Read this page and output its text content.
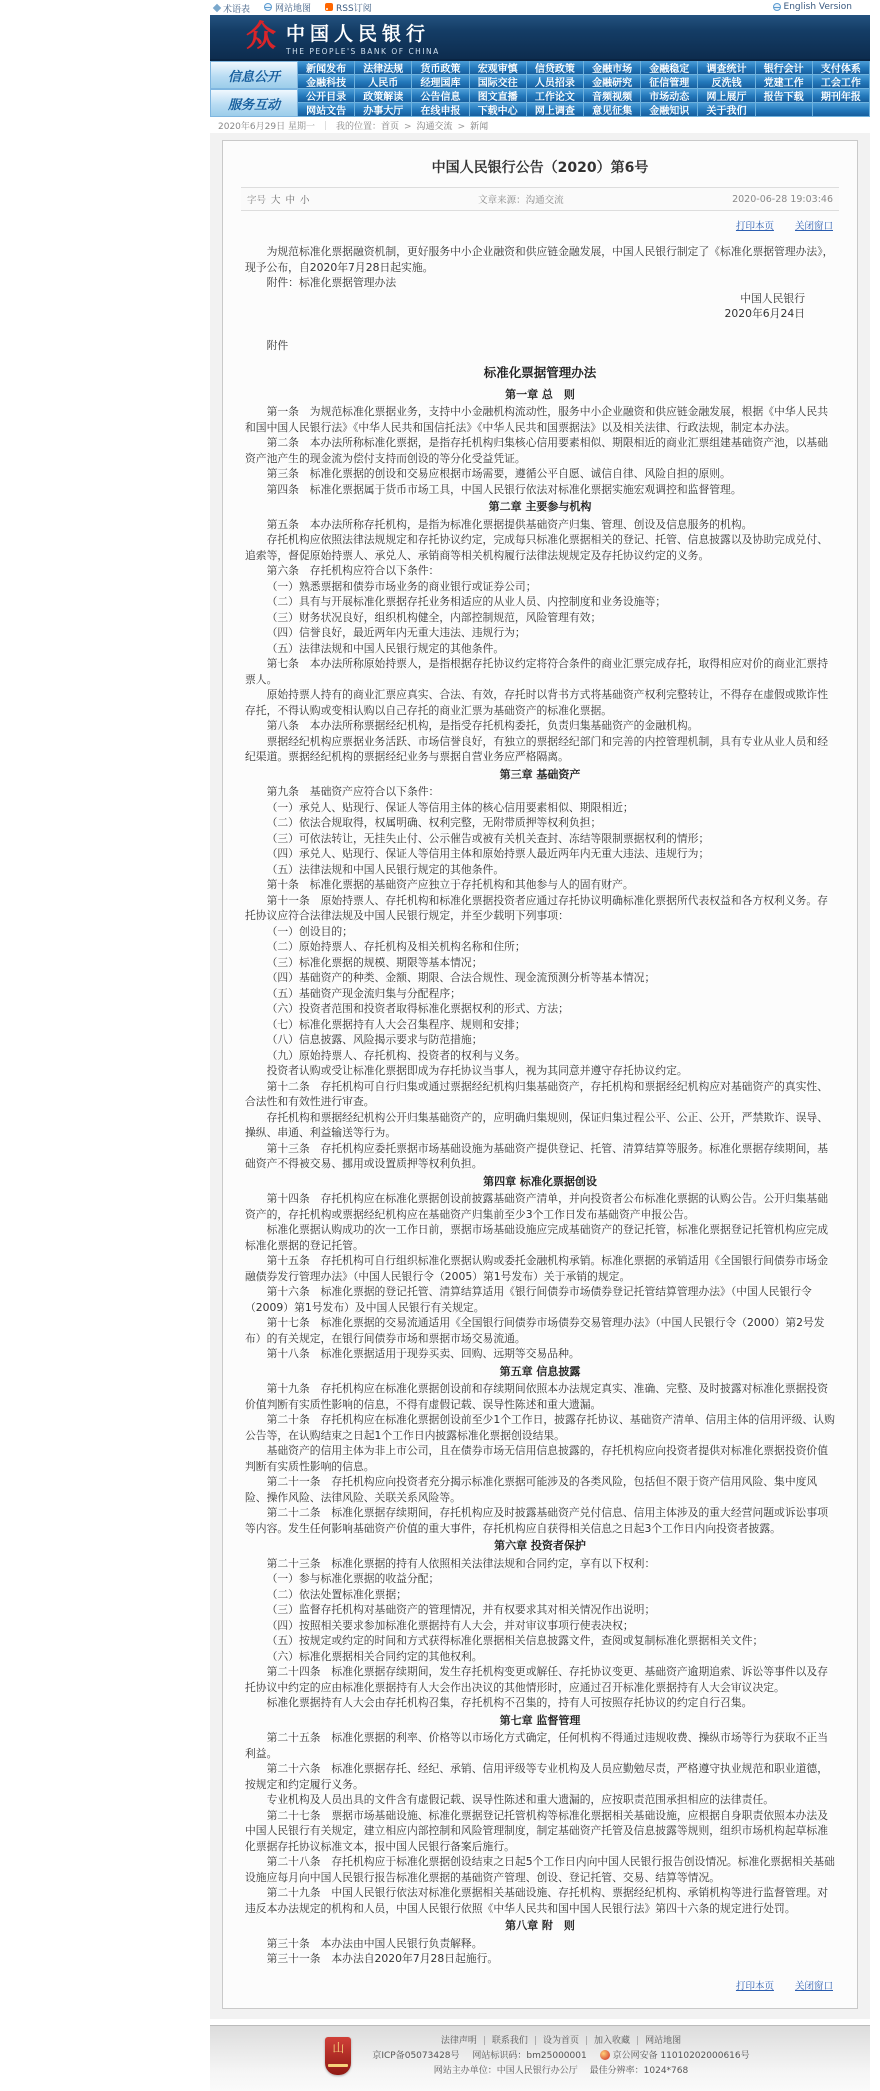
术语表	网站地图	RSS订阅	English Version
众 中国人民银行
THE PEOPLE'S BANK OF CHINA
信息公开	新闻发布	法律法规	货币政策	宏观审慎	信贷政策	金融市场	金融稳定	调查统计	银行会计	支付体系
金融科技	人民币	经理国库	国际交往	人员招录	金融研究	征信管理	反洗钱	党建工作	工会工作
服务互动	公开目录	政策解读	公告信息	图文直播	工作论文	音频视频	市场动态	网上展厅	报告下载	期刊年报
网站文告	办事大厅	在线申报	下载中心	网上调查	意见征集	金融知识	关于我们
2020年6月29日 星期一 ｜ 我的位置： 首页 > 沟通交流 > 新闻
中国人民银行公告（2020）第6号
字号 大 中 小	文章来源：沟通交流	2020-06-28 19:03:46
打印本页 关闭窗口
为规范标准化票据融资机制，更好服务中小企业融资和供应链金融发展，中国人民银行制定了《标准化票据管理办法》，现予公布，自2020年7月28日起实施。
附件：标准化票据管理办法
中国人民银行
2020年6月24日
附件
标准化票据管理办法
第一章 总　则
第一条　为规范标准化票据业务，支持中小金融机构流动性，服务中小企业融资和供应链金融发展，根据《中华人民共和国中国人民银行法》《中华人民共和国信托法》《中华人民共和国票据法》以及相关法律、行政法规，制定本办法。
第二条　本办法所称标准化票据，是指存托机构归集核心信用要素相似、期限相近的商业汇票组建基础资产池，以基础资产池产生的现金流为偿付支持而创设的等分化受益凭证。
第三条　标准化票据的创设和交易应根据市场需要，遵循公平自愿、诚信自律、风险自担的原则。
第四条　标准化票据属于货币市场工具，中国人民银行依法对标准化票据实施宏观调控和监督管理。
第二章 主要参与机构
第五条　本办法所称存托机构，是指为标准化票据提供基础资产归集、管理、创设及信息服务的机构。
存托机构应依照法律法规规定和存托协议约定，完成每只标准化票据相关的登记、托管、信息披露以及协助完成兑付、追索等，督促原始持票人、承兑人、承销商等相关机构履行法律法规规定及存托协议约定的义务。
第六条　存托机构应符合以下条件：
（一）熟悉票据和债券市场业务的商业银行或证券公司；
（二）具有与开展标准化票据存托业务相适应的从业人员、内控制度和业务设施等；
（三）财务状况良好，组织机构健全，内部控制规范，风险管理有效；
（四）信誉良好，最近两年内无重大违法、违规行为；
（五）法律法规和中国人民银行规定的其他条件。
第七条　本办法所称原始持票人，是指根据存托协议约定将符合条件的商业汇票完成存托，取得相应对价的商业汇票持票人。
原始持票人持有的商业汇票应真实、合法、有效，存托时以背书方式将基础资产权利完整转让，不得存在虚假或欺诈性存托，不得认购或变相认购以自己存托的商业汇票为基础资产的标准化票据。
第八条　本办法所称票据经纪机构，是指受存托机构委托，负责归集基础资产的金融机构。
票据经纪机构应票据业务活跃、市场信誉良好，有独立的票据经纪部门和完善的内控管理机制，具有专业从业人员和经纪渠道。票据经纪机构的票据经纪业务与票据自营业务应严格隔离。
第三章 基础资产
第九条　基础资产应符合以下条件：
（一）承兑人、贴现行、保证人等信用主体的核心信用要素相似、期限相近；
（二）依法合规取得，权属明确、权利完整，无附带质押等权利负担；
（三）可依法转让，无挂失止付、公示催告或被有关机关查封、冻结等限制票据权利的情形；
（四）承兑人、贴现行、保证人等信用主体和原始持票人最近两年内无重大违法、违规行为；
（五）法律法规和中国人民银行规定的其他条件。
第十条　标准化票据的基础资产应独立于存托机构和其他参与人的固有财产。
第十一条　原始持票人、存托机构和标准化票据投资者应通过存托协议明确标准化票据所代表权益和各方权利义务。存托协议应符合法律法规及中国人民银行规定，并至少载明下列事项：
（一）创设目的；
（二）原始持票人、存托机构及相关机构名称和住所；
（三）标准化票据的规模、期限等基本情况；
（四）基础资产的种类、金额、期限、合法合规性、现金流预测分析等基本情况；
（五）基础资产现金流归集与分配程序；
（六）投资者范围和投资者取得标准化票据权利的形式、方法；
（七）标准化票据持有人大会召集程序、规则和安排；
（八）信息披露、风险揭示要求与防范措施；
（九）原始持票人、存托机构、投资者的权利与义务。
投资者认购或受让标准化票据即成为存托协议当事人，视为其同意并遵守存托协议约定。
第十二条　存托机构可自行归集或通过票据经纪机构归集基础资产，存托机构和票据经纪机构应对基础资产的真实性、合法性和有效性进行审查。
存托机构和票据经纪机构公开归集基础资产的，应明确归集规则，保证归集过程公平、公正、公开，严禁欺诈、误导、操纵、串通、利益输送等行为。
第十三条　存托机构应委托票据市场基础设施为基础资产提供登记、托管、清算结算等服务。标准化票据存续期间，基础资产不得被交易、挪用或设置质押等权利负担。
第四章 标准化票据创设
第十四条　存托机构应在标准化票据创设前披露基础资产清单，并向投资者公布标准化票据的认购公告。公开归集基础资产的，存托机构或票据经纪机构应在基础资产归集前至少3个工作日发布基础资产申报公告。
标准化票据认购成功的次一工作日前，票据市场基础设施应完成基础资产的登记托管，标准化票据登记托管机构应完成标准化票据的登记托管。
第十五条　存托机构可自行组织标准化票据认购或委托金融机构承销。标准化票据的承销适用《全国银行间债券市场金融债券发行管理办法》（中国人民银行令（2005）第1号发布）关于承销的规定。
第十六条　标准化票据的登记托管、清算结算适用《银行间债券市场债券登记托管结算管理办法》（中国人民银行令（2009）第1号发布）及中国人民银行有关规定。
第十七条　标准化票据的交易流通适用《全国银行间债券市场债券交易管理办法》（中国人民银行令（2000）第2号发布）的有关规定，在银行间债券市场和票据市场交易流通。
第十八条　标准化票据适用于现券买卖、回购、远期等交易品种。
第五章 信息披露
第十九条　存托机构应在标准化票据创设前和存续期间依照本办法规定真实、准确、完整、及时披露对标准化票据投资价值判断有实质性影响的信息，不得有虚假记载、误导性陈述和重大遗漏。
第二十条　存托机构应在标准化票据创设前至少1个工作日，披露存托协议、基础资产清单、信用主体的信用评级、认购公告等，在认购结束之日起1个工作日内披露标准化票据创设结果。
基础资产的信用主体为非上市公司，且在债券市场无信用信息披露的，存托机构应向投资者提供对标准化票据投资价值判断有实质性影响的信息。
第二十一条　存托机构应向投资者充分揭示标准化票据可能涉及的各类风险，包括但不限于资产信用风险、集中度风险、操作风险、法律风险、关联关系风险等。
第二十二条　标准化票据存续期间，存托机构应及时披露基础资产兑付信息、信用主体涉及的重大经营问题或诉讼事项等内容。发生任何影响基础资产价值的重大事件，存托机构应自获得相关信息之日起3个工作日内向投资者披露。
第六章 投资者保护
第二十三条　标准化票据的持有人依照相关法律法规和合同约定，享有以下权利：
（一）参与标准化票据的收益分配；
（二）依法处置标准化票据；
（三）监督存托机构对基础资产的管理情况，并有权要求其对相关情况作出说明；
（四）按照相关要求参加标准化票据持有人大会，并对审议事项行使表决权；
（五）按规定或约定的时间和方式获得标准化票据相关信息披露文件，查阅或复制标准化票据相关文件；
（六）标准化票据相关合同约定的其他权利。
第二十四条　标准化票据存续期间，发生存托机构变更或解任、存托协议变更、基础资产逾期追索、诉讼等事件以及存托协议中约定的应由标准化票据持有人大会作出决议的其他情形时，应通过召开标准化票据持有人大会审议决定。
标准化票据持有人大会由存托机构召集，存托机构不召集的，持有人可按照存托协议的约定自行召集。
第七章 监督管理
第二十五条　标准化票据的利率、价格等以市场化方式确定，任何机构不得通过违规收费、操纵市场等行为获取不正当利益。
第二十六条　标准化票据存托、经纪、承销、信用评级等专业机构及人员应勤勉尽责，严格遵守执业规范和职业道德，按规定和约定履行义务。
专业机构及人员出具的文件含有虚假记载、误导性陈述和重大遗漏的，应按职责范围承担相应的法律责任。
第二十七条　票据市场基础设施、标准化票据登记托管机构等标准化票据相关基础设施，应根据自身职责依照本办法及中国人民银行有关规定，建立相应内部控制和风险管理制度，制定基础资产托管及信息披露等规则，组织市场机构起草标准化票据存托协议标准文本，报中国人民银行备案后施行。
第二十八条　存托机构应于标准化票据创设结束之日起5个工作日内向中国人民银行报告创设情况。标准化票据相关基础设施应每月向中国人民银行报告标准化票据的基础资产管理、创设、登记托管、交易、结算等情况。
第二十九条　中国人民银行依法对标准化票据相关基础设施、存托机构、票据经纪机构、承销机构等进行监督管理。对违反本办法规定的机构和人员，中国人民银行依照《中华人民共和国中国人民银行法》第四十六条的规定进行处罚。
第八章 附　则
第三十条　本办法由中国人民银行负责解释。
第三十一条　本办法自2020年7月28日起施行。
打印本页 关闭窗口
山
法律声明 | 联系我们 | 设为首页 | 加入收藏 | 网站地图
京ICP备05073428号 网站标识码：bm25000001	京公网安备 11010202000616号
网站主办单位：中国人民银行办公厅　 最佳分辨率：1024*768
